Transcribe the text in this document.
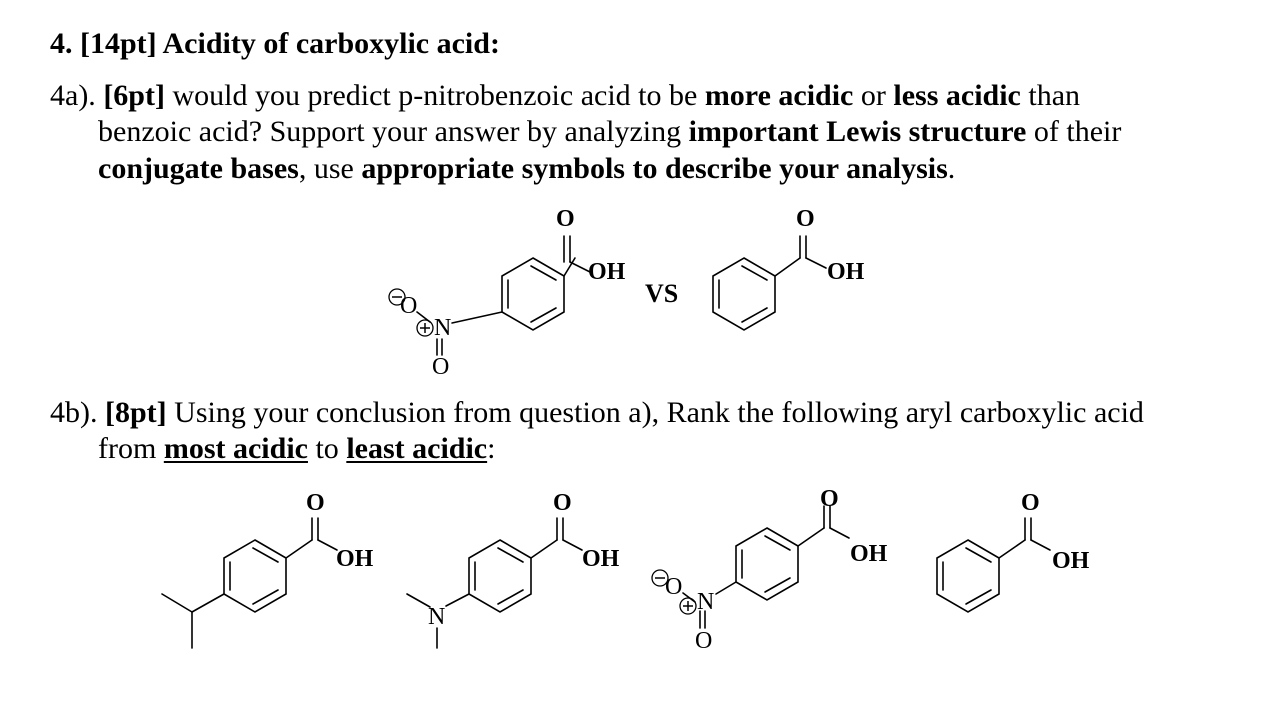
4. [14pt] Acidity of carboxylic acid:
4a). [6pt] would you predict p-nitrobenzoic acid to be more acidic or less acidic than
benzoic acid? Support your answer by analyzing important Lewis structure of their
conjugate bases, use appropriate symbols to describe your analysis.
4b). [8pt] Using your conclusion from question a), Rank the following aryl carboxylic acid
from most acidic to least acidic:
O
OH
O
N
O
VS
O
OH
O
OH
N
O
OH
O
OH
O
N
O
O
OH
